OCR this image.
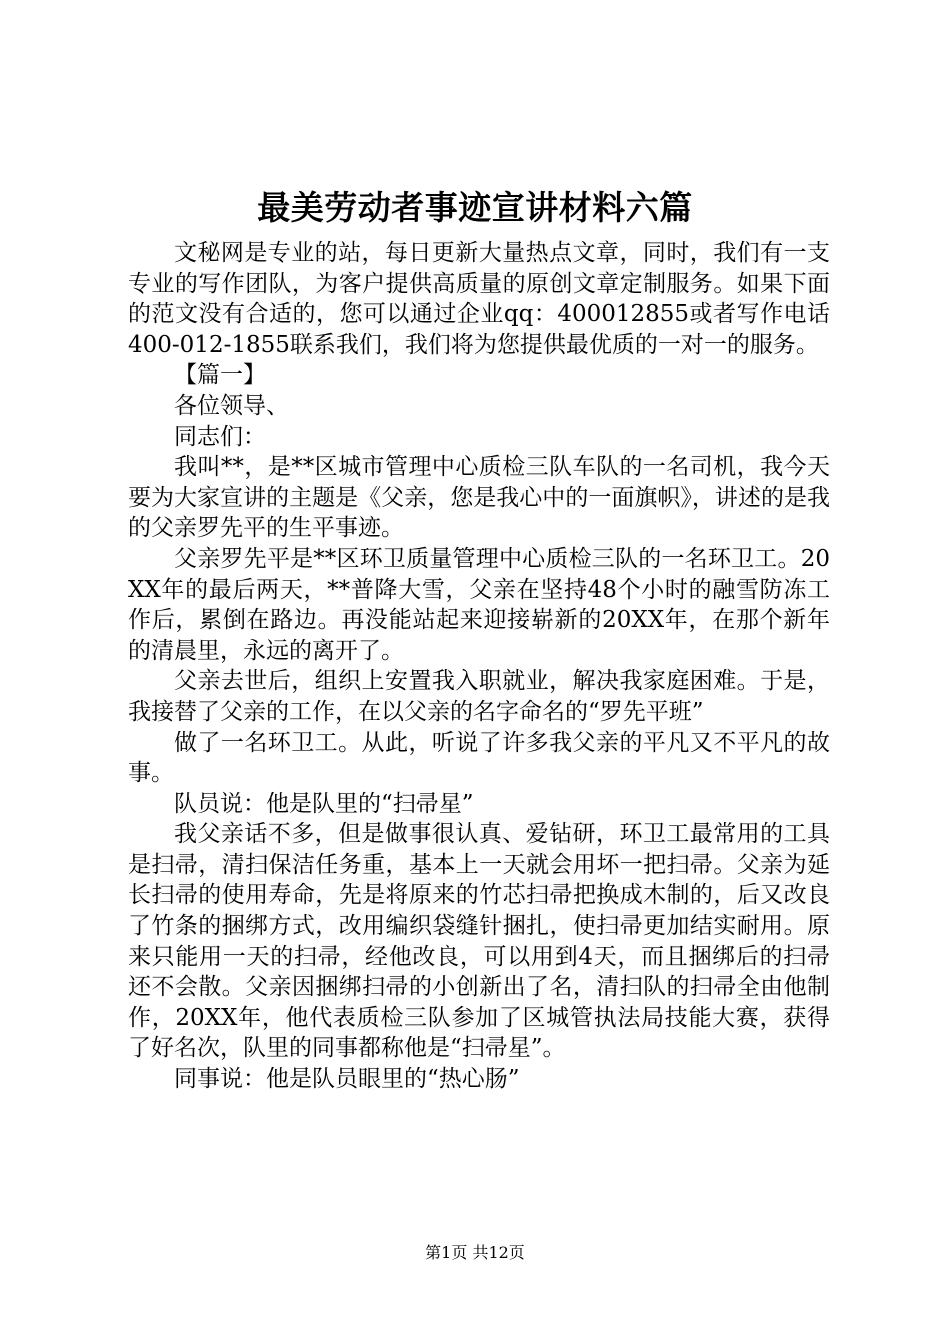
最美劳动者事迹宣讲材料六篇

文秘网是专业的站，每日更新大量热点文章，同时，我们有一支专业的写作团队，为客户提供高质量的原创文章定制服务。如果下面的范文没有合适的，您可以通过企业qq：400012855或者写作电话400-012-1855联系我们，我们将为您提供最优质的一对一的服务。

【篇一】

各位领导、

同志们：

我叫**，是**区城市管理中心质检三队车队的一名司机，我今天要为大家宣讲的主题是《父亲，您是我心中的一面旗帜》，讲述的是我的父亲罗先平的生平事迹。

父亲罗先平是**区环卫质量管理中心质检三队的一名环卫工。20XX年的最后两天，**普降大雪，父亲在坚持48个小时的融雪防冻工作后，累倒在路边。再没能站起来迎接崭新的20XX年，在那个新年的清晨里，永远的离开了。

父亲去世后，组织上安置我入职就业，解决我家庭困难。于是，我接替了父亲的工作，在以父亲的名字命名的“罗先平班”

做了一名环卫工。从此，听说了许多我父亲的平凡又不平凡的故事。

队员说：他是队里的“扫帚星”

我父亲话不多，但是做事很认真、爱钻研，环卫工最常用的工具是扫帚，清扫保洁任务重，基本上一天就会用坏一把扫帚。父亲为延长扫帚的使用寿命，先是将原来的竹芯扫帚把换成木制的，后又改良了竹条的捆绑方式，改用编织袋缝针捆扎，使扫帚更加结实耐用。原来只能用一天的扫帚，经他改良，可以用到4天，而且捆绑后的扫帚还不会散。父亲因捆绑扫帚的小创新出了名，清扫队的扫帚全由他制作，20XX年，他代表质检三队参加了区城管执法局技能大赛，获得了好名次，队里的同事都称他是“扫帚星”。

同事说：他是队员眼里的“热心肠”

第1页 共12页
